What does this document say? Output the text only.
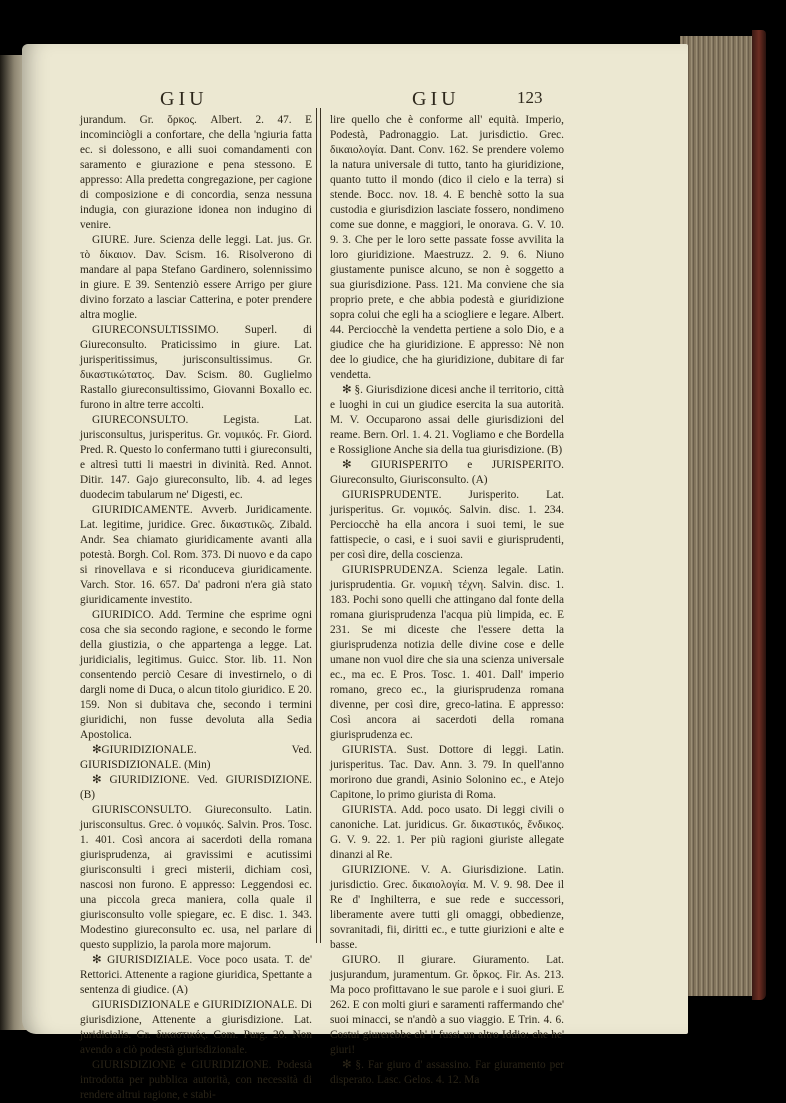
GIU	GIU	123

jurandum. Gr. ὅρκος. Albert. 2. 47. E incominciògli a confortare, che della 'ngiuria fatta ec. si dolessono, e alli suoi comandamenti con saramento e giurazione e pena stessono. E appresso: Alla predetta congregazione, per cagione di composizione e di concordia, senza nessuna indugia, con giurazione idonea non indugino di venire.

GIURE. Jure. Scienza delle leggi. Lat. jus. Gr. τὸ δίκαιον. Dav. Scism. 16. Risolverono di mandare al papa Stefano Gardinero, solennissimo in giure. E 39. Sentenziò essere Arrigo per giure divino forzato a lasciar Catterina, e poter prendere altra moglie.

GIURECONSULTISSIMO. Superl. di Giureconsulto. Praticissimo in giure. Lat. jurisperitissimus, jurisconsultissimus. Gr. δικαστικώτατος. Dav. Scism. 80. Guglielmo Rastallo giureconsultissimo, Giovanni Boxallo ec. furono in altre terre accolti.

GIURECONSULTO. Legista. Lat. jurisconsultus, jurisperitus. Gr. νομικός. Fr. Giord. Pred. R. Questo lo confermano tutti i giureconsulti, e altresì tutti li maestri in divinità. Red. Annot. Ditir. 147. Gajo giureconsulto, lib. 4. ad leges duodecim tabularum ne' Digesti, ec.

GIURIDICAMENTE. Avverb. Juridicamente. Lat. legitime, juridice. Grec. δικαστικῶς. Zibald. Andr. Sea chiamato giuridicamente avanti alla potestà. Borgh. Col. Rom. 373. Di nuovo e da capo si rinovellava e si riconduceva giuridicamente. Varch. Stor. 16. 657. Da' padroni n'era già stato giuridicamente investito.

GIURIDICO. Add. Termine che esprime ogni cosa che sia secondo ragione, e secondo le forme della giustizia, o che appartenga a legge. Lat. juridicialis, legitimus. Guicc. Stor. lib. 11. Non consentendo perciò Cesare di investirnelo, o di dargli nome di Duca, o alcun titolo giuridico. E 20. 159. Non si dubitava che, secondo i termini giuridichi, non fusse devoluta alla Sedia Apostolica.

✻GIURIDIZIONALE. Ved. GIURISDIZIONALE. (Min)

✻ GIURIDIZIONE. Ved. GIURISDIZIONE. (B)

GIURISCONSULTO. Giureconsulto. Latin. jurisconsultus. Grec. ὁ νομικός. Salvin. Pros. Tosc. 1. 401. Così ancora ai sacerdoti della romana giurisprudenza, ai gravissimi e acutissimi giurisconsulti i greci misterii, dichiam così, nascosi non furono. E appresso: Leggendosi ec. una piccola greca maniera, colla quale il giurisconsulto volle spiegare, ec. E disc. 1. 343. Modestino giureconsulto ec. usa, nel parlare di questo supplizio, la parola more majorum.

✻ GIURISDIZIALE. Voce poco usata. T. de' Rettorici. Attenente a ragione giuridica, Spettante a sentenza di giudice. (A)

GIURISDIZIONALE e GIURIDIZIONALE. Di giurisdizione, Attenente a giurisdizione. Lat. juridicialis. Gr. δικαστικός. Com. Purg. 20. Non avendo a ciò podestà giurisdizionale.

GIURISDIZIONE e GIURIDIZIONE. Podestà introdotta per pubblica autorità, con necessità di rendere altrui ragione, e stabi-

lire quello che è conforme all' equità. Imperio, Podestà, Padronaggio. Lat. jurisdictio. Grec. δικαιολογία. Dant. Conv. 162. Se prendere volemo la natura universale di tutto, tanto ha giuridizione, quanto tutto il mondo (dico il cielo e la terra) si stende. Bocc. nov. 18. 4. E benchè sotto la sua custodia e giurisdizion lasciate fossero, nondimeno come sue donne, e maggiori, le onorava. G. V. 10. 9. 3. Che per le loro sette passate fosse avvilita la loro giuridizione. Maestruzz. 2. 9. 6. Niuno giustamente punisce alcuno, se non è soggetto a sua giurisdizione. Pass. 121. Ma conviene che sia proprio prete, e che abbia podestà e giuridizione sopra colui che egli ha a sciogliere e legare. Albert. 44. Perciocchè la vendetta pertiene a solo Dio, e a giudice che ha giuridizione. E appresso: Nè non dee lo giudice, che ha giuridizione, dubitare di far vendetta.

✻ §. Giurisdizione dicesi anche il territorio, città e luoghi in cui un giudice esercita la sua autorità. M. V. Occuparono assai delle giurisdizioni del reame. Bern. Orl. 1. 4. 21. Vogliamo e che Bordella e Rossiglione Anche sia della tua giurisdizione. (B)

✻ GIURISPERITO e JURISPERITO. Giureconsulto, Giurisconsulto. (A)

GIURISPRUDENTE. Jurisperito. Lat. jurisperitus. Gr. νομικός. Salvin. disc. 1. 234. Perciocchè ha ella ancora i suoi temi, le sue fattispecie, o casi, e i suoi savii e giurisprudenti, per così dire, della coscienza.

GIURISPRUDENZA. Scienza legale. Latin. jurisprudentia. Gr. νομικὴ τέχνη. Salvin. disc. 1. 183. Pochi sono quelli che attingano dal fonte della romana giurisprudenza l'acqua più limpida, ec. E 231. Se mi diceste che l'essere detta la giurisprudenza notizia delle divine cose e delle umane non vuol dire che sia una scienza universale ec., ma ec. E Pros. Tosc. 1. 401. Dall' imperio romano, greco ec., la giurisprudenza romana divenne, per così dire, greco-latina. E appresso: Così ancora ai sacerdoti della romana giurisprudenza ec.

GIURISTA. Sust. Dottore di leggi. Latin. jurisperitus. Tac. Dav. Ann. 3. 79. In quell'anno morirono due grandi, Asinio Solonino ec., e Atejo Capitone, lo primo giurista di Roma.

GIURISTA. Add. poco usato. Di leggi civili o canoniche. Lat. juridicus. Gr. δικαστικός, ἔνδικος. G. V. 9. 22. 1. Per più ragioni giuriste allegate dinanzi al Re.

GIURIZIONE. V. A. Giurisdizione. Latin. jurisdictio. Grec. δικαιολογία. M. V. 9. 98. Dee il Re d' Inghilterra, e sue rede e successori, liberamente avere tutti gli omaggi, obbedienze, sovranitadi, fii, diritti ec., e tutte giurizioni e alte e basse.

GIURO. Il giurare. Giuramento. Lat. jusjurandum, juramentum. Gr. ὅρκος. Fir. As. 213. Ma poco profittavano le sue parole e i suoi giuri. E 262. E con molti giuri e saramenti raffermando che' suoi minacci, se n'andò a suo viaggio. E Trin. 4. 6. Costui giurerebbe ch' i' fussi un altro Iddio: che he' giuri!

✻ §. Far giuro d' assassino. Far giuramento per disperato. Lasc. Gelos. 4. 12. Ma
